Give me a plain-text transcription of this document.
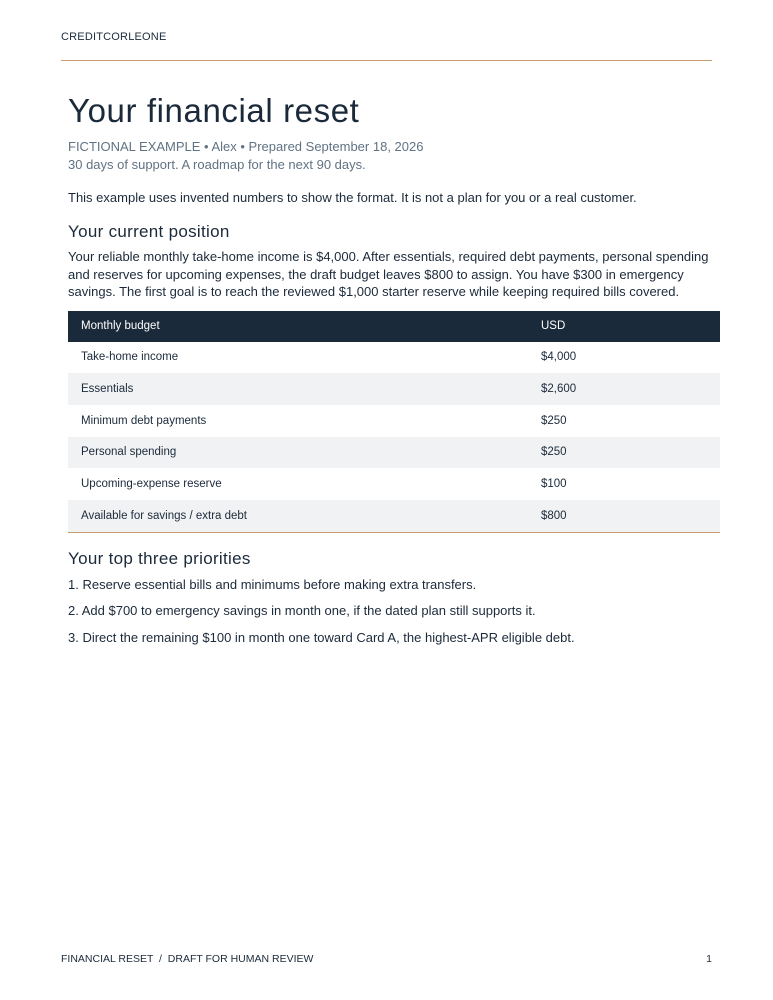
CREDITCORLEONE
Your financial reset
FICTIONAL EXAMPLE • Alex • Prepared September 18, 2026
30 days of support. A roadmap for the next 90 days.
This example uses invented numbers to show the format. It is not a plan for you or a real customer.
Your current position
Your reliable monthly take-home income is $4,000. After essentials, required debt payments, personal spending and reserves for upcoming expenses, the draft budget leaves $800 to assign. You have $300 in emergency savings. The first goal is to reach the reviewed $1,000 starter reserve while keeping required bills covered.
Monthly budget	USD
Take-home income	$4,000
Essentials	$2,600
Minimum debt payments	$250
Personal spending	$250
Upcoming-expense reserve	$100
Available for savings / extra debt	$800
Your top three priorities
1. Reserve essential bills and minimums before making extra transfers.
2. Add $700 to emergency savings in month one, if the dated plan still supports it.
3. Direct the remaining $100 in month one toward Card A, the highest-APR eligible debt.
FINANCIAL RESET  /  DRAFT FOR HUMAN REVIEW	1
